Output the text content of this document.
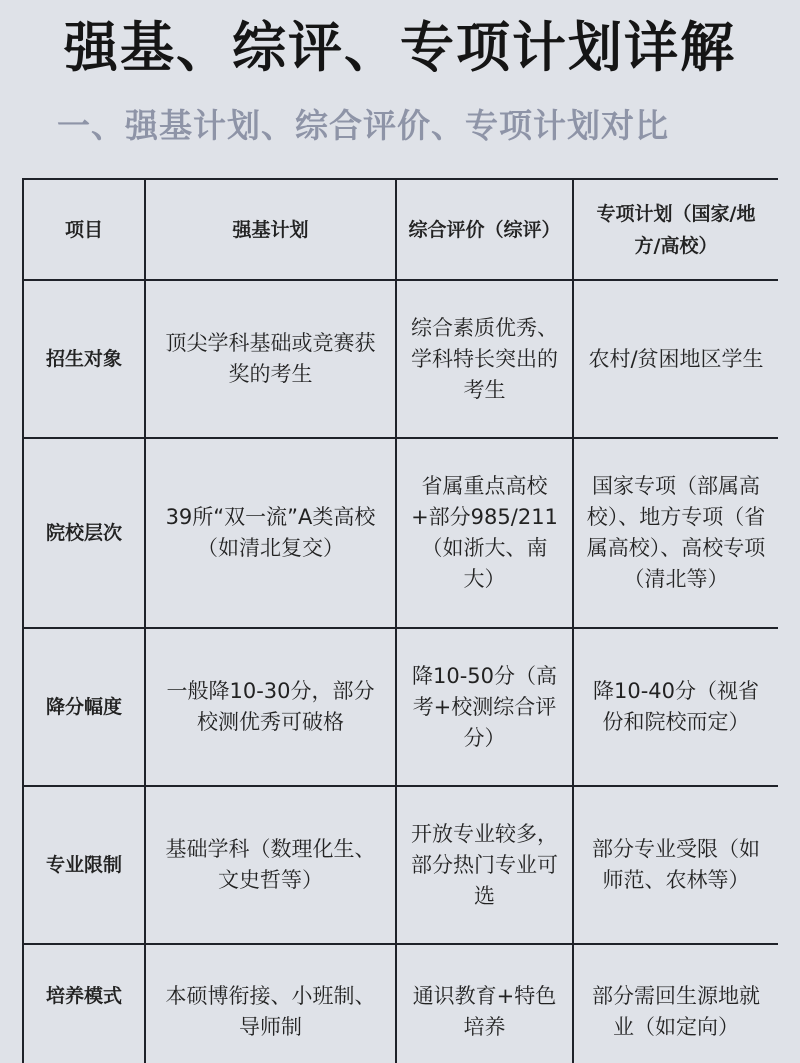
强基、综评、专项计划详解
一、强基计划、综合评价、专项计划对比
项目	强基计划	综合评价（综评）	专项计划（国家/地方/高校）
招生对象	顶尖学科基础或竞赛获奖的考生	综合素质优秀、学科特长突出的考生	农村/贫困地区学生
院校层次	39所“双一流”A类高校（如清北复交）	省属重点高校+部分985/211（如浙大、南大）	国家专项（部属高校）、地方专项（省属高校）、高校专项（清北等）
降分幅度	一般降10-30分，部分校测优秀可破格	降10-50分（高考+校测综合评分）	降10-40分（视省份和院校而定）
专业限制	基础学科（数理化生、文史哲等）	开放专业较多，部分热门专业可选	部分专业受限（如师范、农林等）
培养模式	本硕博衔接、小班制、导师制	通识教育+特色培养	部分需回生源地就业（如定向）
